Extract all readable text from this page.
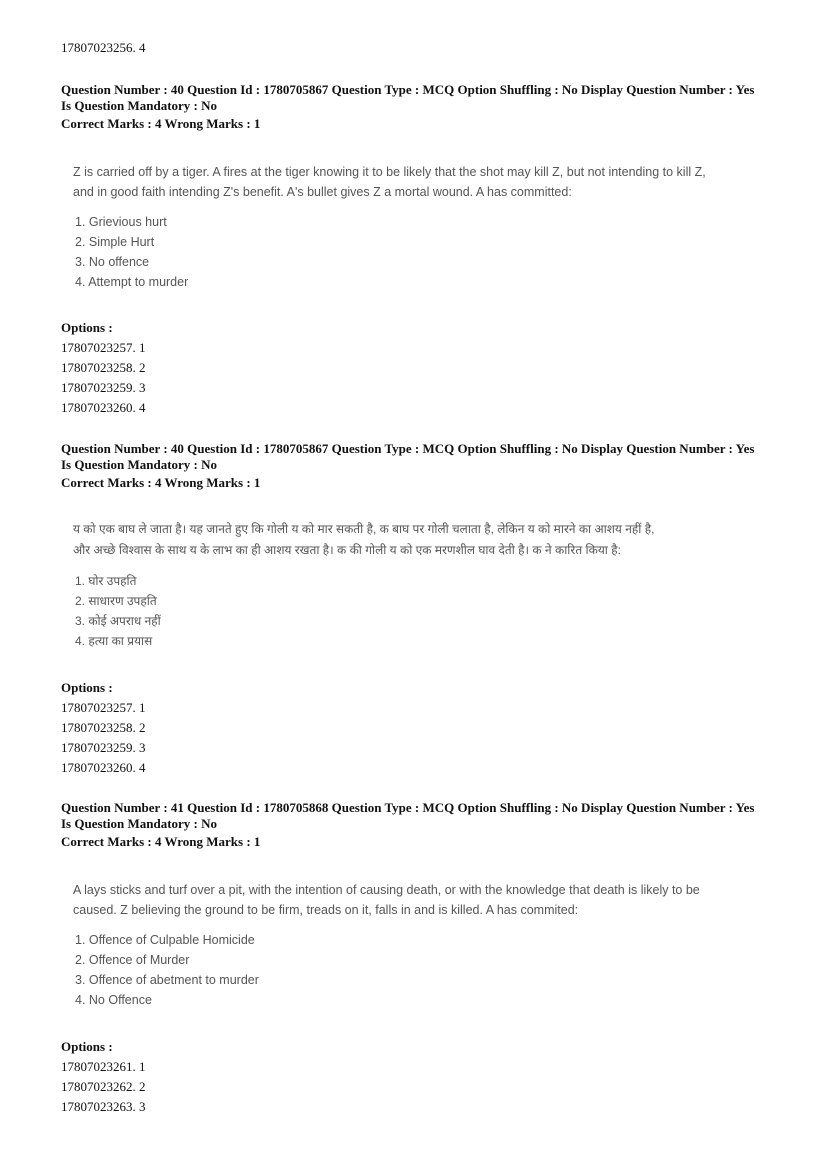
17807023256. 4
Question Number : 40 Question Id : 1780705867 Question Type : MCQ Option Shuffling : No Display Question Number : Yes
Is Question Mandatory : No
Correct Marks : 4 Wrong Marks : 1
Z is carried off by a tiger. A fires at the tiger knowing it to be likely that the shot may kill Z, but not intending to kill Z,
and in good faith intending Z's benefit. A's bullet gives Z a mortal wound. A has committed:
1. Grievious hurt
2. Simple Hurt
3. No offence
4. Attempt to murder
Options :
17807023257. 1
17807023258. 2
17807023259. 3
17807023260. 4
Question Number : 40 Question Id : 1780705867 Question Type : MCQ Option Shuffling : No Display Question Number : Yes
Is Question Mandatory : No
Correct Marks : 4 Wrong Marks : 1
य को एक बाघ ले जाता है। यह जानते हुए कि गोली य को मार सकती है, क बाघ पर गोली चलाता है, लेकिन य को मारने का आशय नहीं है,
और अच्छे विश्वास के साथ य के लाभ का ही आशय रखता है। क की गोली य को एक मरणशील घाव देती है। क ने कारित किया है:
1. घोर उपहति
2. साधारण उपहति
3. कोई अपराध नहीं
4. हत्या का प्रयास
Options :
17807023257. 1
17807023258. 2
17807023259. 3
17807023260. 4
Question Number : 41 Question Id : 1780705868 Question Type : MCQ Option Shuffling : No Display Question Number : Yes
Is Question Mandatory : No
Correct Marks : 4 Wrong Marks : 1
A lays sticks and turf over a pit, with the intention of causing death, or with the knowledge that death is likely to be
caused. Z believing the ground to be firm, treads on it, falls in and is killed. A has commited:
1. Offence of Culpable Homicide
2. Offence of Murder
3. Offence of abetment to murder
4. No Offence
Options :
17807023261. 1
17807023262. 2
17807023263. 3
